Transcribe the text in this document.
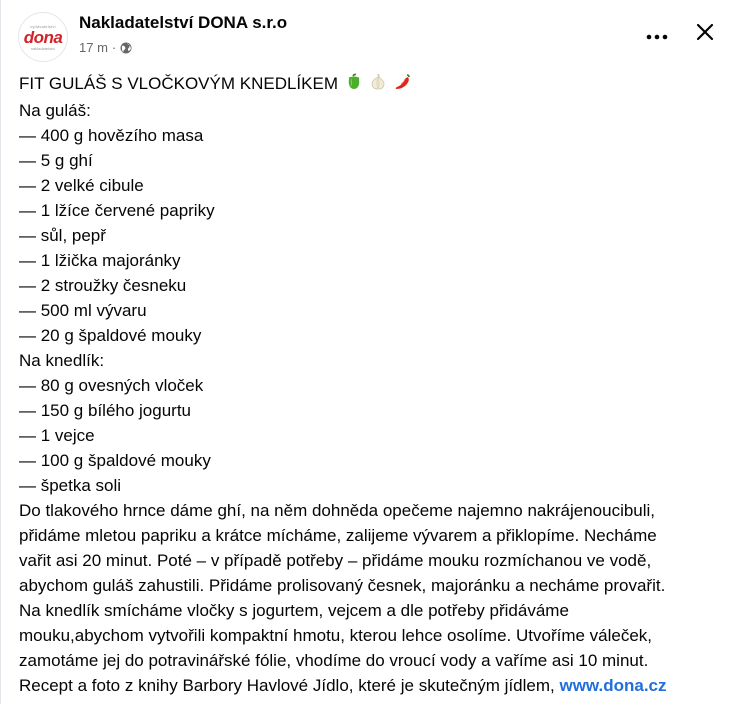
vydavatelství
dona
nakladatelství
Nakladatelství DONA s.r.o
17 m ·
FIT GULÁŠ S VLOČKOVÝM KNEDLÍKEM
Na guláš:
— 400 g hovězího masa
— 5 g ghí
— 2 velké cibule
— 1 lžíce červené papriky
— sůl, pepř
— 1 lžička majoránky
— 2 stroužky česneku
— 500 ml vývaru
— 20 g špaldové mouky
Na knedlík:
— 80 g ovesných vloček
— 150 g bílého jogurtu
— 1 vejce
— 100 g špaldové mouky
— špetka soli
Do tlakového hrnce dáme ghí, na něm dohněda opečeme najemno nakrájenoucibuli,
přidáme mletou papriku a krátce mícháme, zalijeme vývarem a přiklopíme. Necháme
vařit asi 20 minut. Poté – v případě potřeby – přidáme mouku rozmíchanou ve vodě,
abychom guláš zahustili. Přidáme prolisovaný česnek, majoránku a necháme provařit.
Na knedlík smícháme vločky s jogurtem, vejcem a dle potřeby přidáváme
mouku,abychom vytvořili kompaktní hmotu, kterou lehce osolíme. Utvoříme váleček,
zamotáme jej do potravinářské fólie, vhodíme do vroucí vody a vaříme asi 10 minut.
Recept a foto z knihy Barbory Havlové Jídlo, které je skutečným jídlem, www.dona.cz
